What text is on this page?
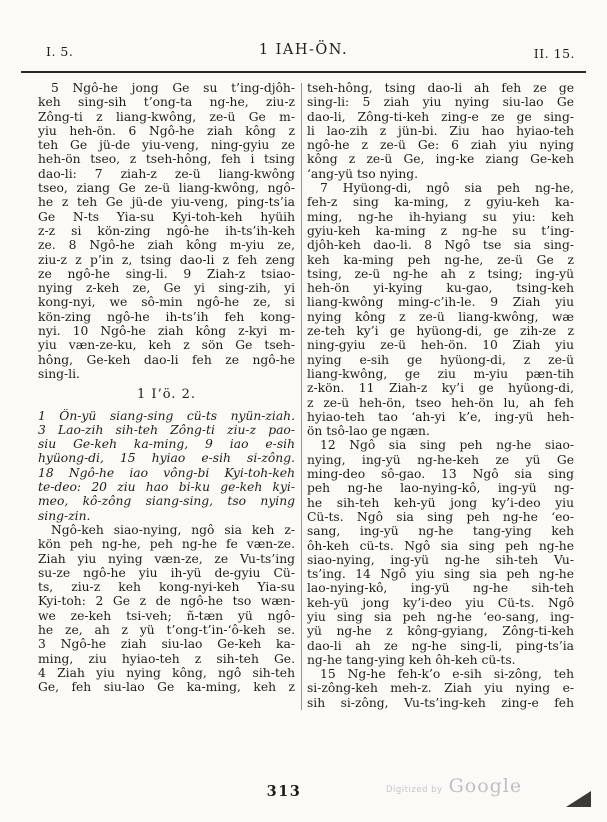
I. 5.	1 IAH-ÖN.	II. 15.
5 Ngô-he jong Ge su t’ing-djôh-
keh sing-sih t’ong-ta ng-he, ziu-z
Zông-ti z liang-kwông, ze-ü Ge m-
yiu heh-ön. 6 Ngô-he ziah kông z
teh Ge jü-de yiu-veng, ning-gyiu ze
heh-ön tseo, z tseh-hông, feh i tsing
dao-li: 7 ziah-z ze-ü liang-kwông
tseo, ziang Ge ze-ü liang-kwông, ngô-
he z teh Ge jü-de yiu-veng, ping-ts’ia
Ge N-ts Yia-su Kyi-toh-keh hyüih
z-z si kön-zing ngô-he ih-ts’ih-keh
ze. 8 Ngô-he ziah kông m-yiu ze,
ziu-z z p’in z, tsing dao-li z feh zeng
ze ngô-he sing-li. 9 Ziah-z tsiao-
nying z-keh ze, Ge yi sing-zih, yi
kong-nyi, we sô-min ngô-he ze, si
kön-zing ngô-he ih-ts’ih feh kong-
nyi. 10 Ngô-he ziah kông z-kyi m-
yiu væn-ze-ku, keh z sön Ge tseh-
hông, Ge-keh dao-li feh ze ngô-he
sing-li.
1 I’ö. 2.
1 Ön-yü siang-sing cü-ts nyün-ziah.
3 Lao-zih sih-teh Zông-ti ziu-z pao-
siu Ge-keh ka-ming, 9 iao e-sih
hyüong-di, 15 hyiao e-sih si-zông.
18 Ngô-he iao vông-bi Kyi-toh-keh
te-deo: 20 ziu hao bi-ku ge-keh kyi-
meo, kô-zông siang-sing, tso nying
sing-zin.
Ngô-keh siao-nying, ngô sia keh z-
kön peh ng-he, peh ng-he fe væn-ze.
Ziah yiu nying væn-ze, ze Vu-ts’ing
su-ze ngô-he yiu ih-yü de-gyiu Cü-
ts, ziu-z keh kong-nyi-keh Yia-su
Kyi-toh: 2 Ge z de ngô-he tso wæn-
we ze-keh tsi-veh; ñ-tæn yü ngô-
he ze, ah z yü t’ong-t’in-‘ô-keh se.
3 Ngô-he ziah siu-lao Ge-keh ka-
ming, ziu hyiao-teh z sih-teh Ge.
4 Ziah yiu nying kông, ngô sih-teh
Ge, feh siu-lao Ge ka-ming, keh z
tseh-hông, tsing dao-li ah feh ze ge
sing-li: 5 ziah yiu nying siu-lao Ge
dao-li, Zông-ti-keh zing-e ze ge sing-
li lao-zih z jün-bi. Ziu hao hyiao-teh
ngô-he z ze-ü Ge: 6 ziah yiu nying
kông z ze-ü Ge, ing-ke ziang Ge-keh
‘ang-yü tso nying.
7 Hyüong-di, ngô sia peh ng-he,
feh-z sing ka-ming, z gyiu-keh ka-
ming, ng-he ih-hyiang su yiu: keh
gyiu-keh ka-ming z ng-he su t’ing-
djôh-keh dao-li. 8 Ngô tse sia sing-
keh ka-ming peh ng-he, ze-ü Ge z
tsing, ze-ü ng-he ah z tsing; ing-yü
heh-ön yi-kying ku-gao, tsing-keh
liang-kwông ming-c’ih-le. 9 Ziah yiu
nying kông z ze-ü liang-kwông, wæ
ze-teh ky’i ge hyüong-di, ge zih-ze z
ning-gyiu ze-ü heh-ön. 10 Ziah yiu
nying e-sih ge hyüong-di, z ze-ü
liang-kwông, ge ziu m-yiu pæn-tih
z-kön. 11 Ziah-z ky’i ge hyüong-di,
z ze-ü heh-ön, tseo heh-ön lu, ah feh
hyiao-teh tao ‘ah-yi k’e, ing-yü heh-
ön tsô-lao ge ngæn.
12 Ngô sia sing peh ng-he siao-
nying, ing-yü ng-he-keh ze yü Ge
ming-deo sô-gao. 13 Ngô sia sing
peh ng-he lao-nying-kô, ing-yü ng-
he sih-teh keh-yü jong ky’i-deo yiu
Cü-ts. Ngô sia sing peh ng-he ‘eo-
sang, ing-yü ng-he tang-ying keh
ôh-keh cü-ts. Ngô sia sing peh ng-he
siao-nying, ing-yü ng-he sih-teh Vu-
ts’ing. 14 Ngô yiu sing sia peh ng-he
lao-nying-kô, ing-yü ng-he sih-teh
keh-yü jong ky’i-deo yiu Cü-ts. Ngô
yiu sing sia peh ng-he ‘eo-sang, ing-
yü ng-he z kông-gyiang, Zông-ti-keh
dao-li ah ze ng-he sing-li, ping-ts’ia
ng-he tang-ying keh ôh-keh cü-ts.
15 Ng-he feh-k’o e-sih si-zông, teh
si-zông-keh meh-z. Ziah yiu nying e-
sih si-zông, Vu-ts’ing-keh zing-e feh
313	Digitized by Google
